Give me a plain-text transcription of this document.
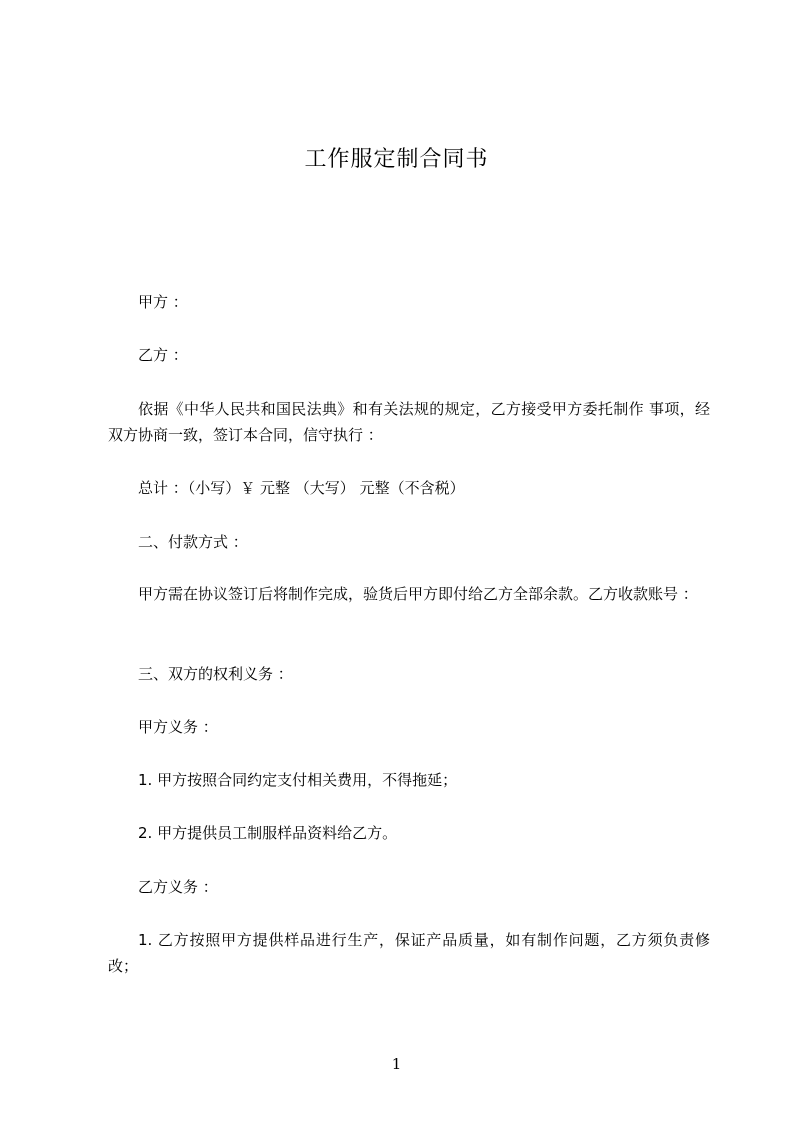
工作服定制合同书
甲方 ：
乙方 ：
依据《中华人民共和国民法典》和有关法规的规定，乙方接受甲方委托制作 事项，经双方协商一致，签订本合同，信守执行 ：
总计 ：（小写）￥ 元整 （大写） 元整（不含税）
二、付款方式 ：
甲方需在协议签订后将制作完成，验货后甲方即付给乙方全部余款。乙方收款账号 ：
三、双方的权利义务 ：
甲方义务 ：
1. 甲方按照合同约定支付相关费用，不得拖延；
2. 甲方提供员工制服样品资料给乙方。
乙方义务 ：
1. 乙方按照甲方提供样品进行生产，保证产品质量，如有制作问题，乙方须负责修改；
1
